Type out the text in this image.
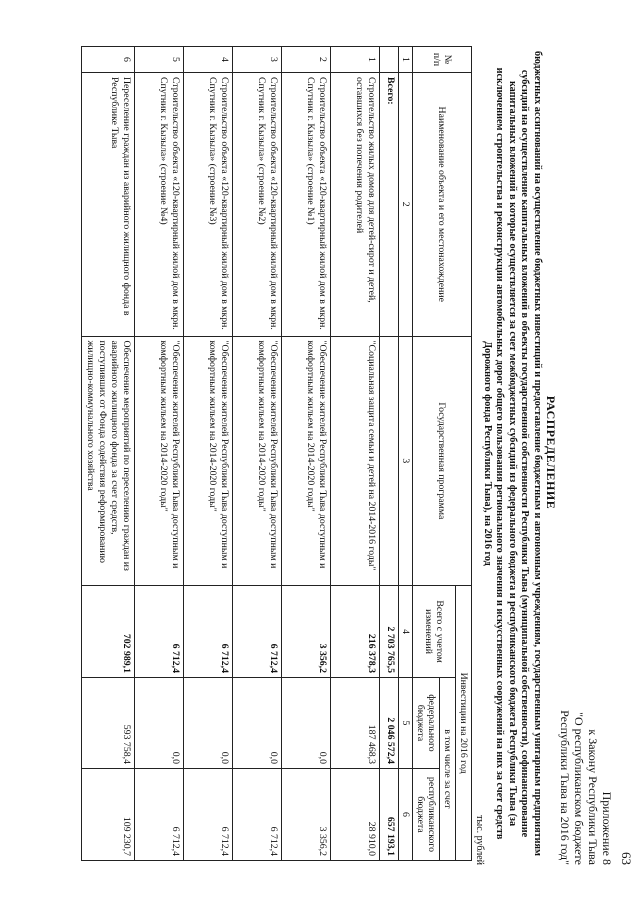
63
Приложение 8
к Закону Республики Тыва
"О республиканском бюджете
Республики Тыва на 2016 год"
РАСПРЕДЕЛЕНИЕ
бюджетных ассигнований на осуществление бюджетных инвестиций и предоставление бюджетным и автономным учреждениям, государственным унитарным предприятиям субсидий на осуществление капитальных вложений в объекты государственной собственности Республики Тыва (муниципальной собственности), софинансирование капитальных вложений в которые осуществляется за счет межбюджетных субсидий из федерального бюджета и республиканского бюджета Республики Тыва (за исключением строительства и реконструкции автомобильных дорог общего пользования регионального значения и искусственных сооружений на них за счет средств Дорожного фонда Республики Тыва), на 2016 год
тыс. рублей
№ п/п	Наименование объекта и его местонахождение	Государственная программа	Инвестиции на 2016 год		
			Всего с учетом изменений	в том числе за счет	
				федерального бюджета	республиканского бюджета
1	2	3	4	5	6
	Всего:		2 703 765,5	2 046 572,4	657 193,1
1	Строительство жилых домов для детей-сирот и детей, оставшихся без попечения родителей	"Социальная защита семьи и детей на 2014-2016 годы"	216 378,3	187 468,3	28 910,0
2	Строительство объекта «120-квартирный жилой дом в мкрн. Спутник г. Кызыла» (строение №1)	"Обеспечение жителей Республики Тыва доступным и комфортным жильем на 2014-2020 годы"	3 356,2	0,0	3 356,2
3	Строительство объекта «120-квартирный жилой дом в мкрн. Спутник г. Кызыла» (строение №2)	"Обеспечение жителей Республики Тыва доступным и комфортным жильем на 2014-2020 годы"	6 712,4	0,0	6 712,4
4	Строительство объекта «120-квартирный жилой дом в мкрн. Спутник г. Кызыла» (строение №3)	"Обеспечение жителей Республики Тыва доступным и комфортным жильем на 2014-2020 годы"	6 712,4	0,0	6 712,4
5	Строительство объекта «120-квартирный жилой дом в мкрн. Спутник г. Кызыла» (строение №4)	"Обеспечение жителей Республики Тыва доступным и комфортным жильем на 2014-2020 годы"	6 712,4	0,0	6 712,4
6	Переселение граждан из аварийного жилищного фонда в Республике Тыва	Обеспечение мероприятий по переселению граждан из аварийного жилищного фонда за счет средств, поступивших от Фонда содействия реформированию жилищно-коммунального хозяйства	702 989,1	593 758,4	109 230,7
